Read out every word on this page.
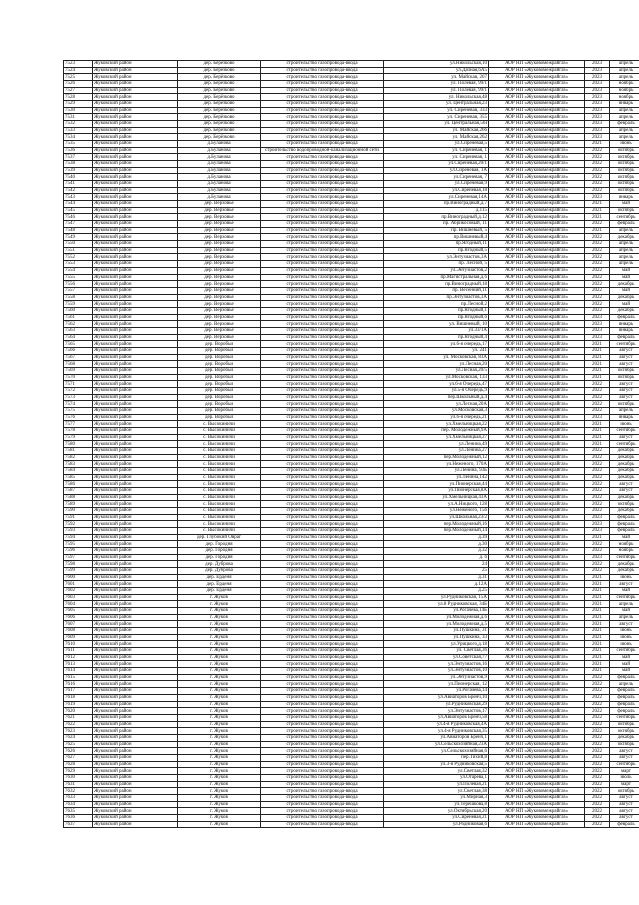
7523	Жуковский район	дер. Берёзково	строительство газопровода-ввода	ул.Никольская,10	АОР НП «Жуковомежрайгаз»	2023	апрель
7524	Жуковский район	дер. Берёзково	строительство газопровода-ввода	ул.Дачная,6А5	АОР НП «Жуковомежрайгаз»	2023	апрель
7525	Жуковский район	дер. Берёзково	строительство газопровода-ввода	ул. Майская, 267	АОР НП «Жуковомежрайгаз»	2023	апрель
7526	Жуковский район	дер. Берёзково	строительство газопровода-ввода	ул. Полевая, 99/1	АОР НП «Жуковомежрайгаз»	2023	ноябрь
7527	Жуковский район	дер. Берёзково	строительство газопровода-ввода	ул. Полевая, 99/1	АОР НП «Жуковомежрайгаз»	2023	ноябрь
7528	Жуковский район	дер. Берёзково	строительство газопровода-ввода	ул. Никольская,48	АОР НП «Жуковомежрайгаз»	2023	ноябрь
7529	Жуковский район	дер. Берёзково	строительство газопровода-ввода	ул. Центральная,23	АОР НП «Жуковомежрайгаз»	2023	январь
7530	Жуковский район	дер. Берёзково	строительство газопровода-ввода	ул. Сиреневая, 333	АОР НП «Жуковомежрайгаз»	2023	апрель
7531	Жуковский район	дер. Берёзково	строительство газопровода-ввода	ул. Сиреневая, 355	АОР НП «Жуковомежрайгаз»	2023	апрель
7532	Жуковский район	дер. Берёзково	строительство газопровода-ввода	ул. Центральная,56І	АОР НП «Жуковомежрайгаз»	2023	февраль
7533	Жуковский район	дер. Берёзково	строительство газопровода-ввода	ул. Майская,266	АОР НП «Жуковомежрайгаз»	2023	апрель
7534	Жуковский район	дер. Берёзково	строительство газопровода-ввода	ул. Майская,262	АОР НП «Жуковомежрайгаз»	2023	апрель
7535	Жуковский район	д.Буланова	строительство газопровода-ввода	ул.Сиреневая,5	АОР НП «Жуковомежрайгаз»	2021	июнь
7536	Жуковский район	д.Буланова	строительство водопроводной-канализационной сети	ул. Сиреневая, 1	АОР НП «Жуковомежрайгаз»	2022	октябрь
7537	Жуковский район	д.Буланова	строительство газопровода-ввода	ул. Сиреневая, 1	АОР НП «Жуковомежрайгаз»	2022	октябрь
7538	Жуковский район	д.Буланова	строительство газопровода-ввода	ул.Сиреневая,20/1	АОР НП «Жуковомежрайгаз»	2022	октябрь
7539	Жуковский район	д.Буланова	строительство газопровода-ввода	ул.Сиреневая, 1А	АОР НП «Жуковомежрайгаз»	2022	октябрь
7540	Жуковский район	д.Буланова	строительство газопровода-ввода	ул.Сиреневая, 7	АОР НП «Жуковомежрайгаз»	2022	октябрь
7541	Жуковский район	д.Буланова	строительство газопровода-ввода	ул.Сиреневая,9	АОР НП «Жуковомежрайгаз»	2022	октябрь
7542	Жуковский район	д.Буланова	строительство газопровода-ввода	ул.Сиреневая,18	АОР НП «Жуковомежрайгаз»	2022	октябрь
7543	Жуковский район	д.Буланова	строительство газопровода-ввода	ул.Сиреневая,14А	АОР НП «Жуковомежрайгаз»	2023	январь
7544	Жуковский район	дер. Верховье	строительство газопровода-ввода	пр.Виноградный,д.7	АОР НП «Жуковомежрайгаз»	2021	май
7545	Жуковский район	дер. Верховье	строительство газопровода-ввода	д.115	АОР НП «Жуковомежрайгаз»	2021	октябрь
7546	Жуковский район	дер. Верховье	строительство газопровода-ввода	пр.Виноградный,д.12	АОР НП «Жуковомежрайгаз»	2021	сентябрь
7547	Жуковский район	дер. Верховье	строительство газопровода-ввода	пр. Абрикосовый, 11	АОР НП «Жуковомежрайгаз»	2022	февраль
7548	Жуковский район	дер. Верховье	строительство газопровода-ввода	пр. Вишневый, 5	АОР НП «Жуковомежрайгаз»	2021	апрель
7549	Жуковский район	дер. Верховье	строительство газопровода-ввода	пр.Вишневый,4	АОР НП «Жуковомежрайгаз»	2022	декабрь
7550	Жуковский район	дер. Верховье	строительство газопровода-ввода	пр.Ягодный,11	АОР НП «Жуковомежрайгаз»	2022	апрель
7551	Жуковский район	дер. Верховье	строительство газопровода-ввода	пр.Ягодный,5	АОР НП «Жуковомежрайгаз»	2022	апрель
7552	Жуковский район	дер. Верховье	строительство газопровода-ввода	ул.Энтузиастов,3А	АОР НП «Жуковомежрайгаз»	2022	апрель
7553	Жуковский район	дер. Верховье	строительство газопровода-ввода	пр. Лесной, 5	АОР НП «Жуковомежрайгаз»	2022	апрель
7554	Жуковский район	дер. Верховье	строительство газопровода-ввода	ул.Энтузиастов,2	АОР НП «Жуковомежрайгаз»	2022	май
7555	Жуковский район	дер. Верховье	строительство газопровода-ввода	пр.Магистральная,д.6	АОР НП «Жуковомежрайгаз»	2022	май
7556	Жуковский район	дер. Верховье	строительство газопровода-ввода	пр.Виноградный,18	АОР НП «Жуковомежрайгаз»	2022	декабрь
7557	Жуковский район	дер. Верховье	строительство газопровода-ввода	пр. Весенний,11	АОР НП «Жуковомежрайгаз»	2022	май
7558	Жуковский район	дер. Верховье	строительство газопровода-ввода	пр.Энтузиастов,3А	АОР НП «Жуковомежрайгаз»	2022	декабрь
7559	Жуковский район	дер. Верховье	строительство газопровода-ввода	пр.Лесной,2	АОР НП «Жуковомежрайгаз»	2022	май
7560	Жуковский район	дер. Верховье	строительство газопровода-ввода	пр.Ягодный,1	АОР НП «Жуковомежрайгаз»	2022	декабрь
7561	Жуковский район	дер. Верховье	строительство газопровода-ввода	пр.Ягодный,6	АОР НП «Жуковомежрайгаз»	2023	февраль
7562	Жуковский район	дер. Верховье	строительство газопровода-ввода	ул. Вишневый, 10	АОР НП «Жуковомежрайгаз»	2023	январь
7563	Жуковский район	дер. Верховье	строительство газопровода-ввода	ул.33/1А	АОР НП «Жуковомежрайгаз»	2023	январь
7564	Жуковский район	дер. Верховье	строительство газопровода-ввода	пр.Ягодный,4	АОР НП «Жуковомежрайгаз»	2023	февраль
7565	Жуковский район	дер. Воробьи	строительство газопровода-ввода	ул.6-я очередь,17	АОР НП «Жуковомежрайгаз»	2021	сентябрь
7566	Жуковский район	дер. Воробьи	строительство газопровода-ввода	ул. 241	АОР НП «Жуковомежрайгаз»	2021	август
7567	Жуковский район	дер. Воробьи	строительство газопровода-ввода	ул. Московская, 83А	АОР НП «Жуковомежрайгаз»	2021	август
7568	Жуковский район	дер. Воробьи	строительство газопровода-ввода	ул.Лесная,20	АОР НП «Жуковомежрайгаз»	2021	август
7569	Жуковский район	дер. Воробьи	строительство газопровода-ввода	ул.Лесная,20/5	АОР НП «Жуковомежрайгаз»	2021	октябрь
7570	Жуковский район	дер. Воробьи	строительство газопровода-ввода	ул.Московская, 133	АОР НП «Жуковомежрайгаз»	2021	октябрь
7571	Жуковский район	дер. Воробьи	строительство газопровода-ввода	ул.6-я Очередь,47	АОР НП «Жуковомежрайгаз»	2022	август
7572	Жуковский район	дер. Воробьи	строительство газопровода-ввода	ул.5-я Очередь,9	АОР НП «Жуковомежрайгаз»	2022	август
7573	Жуковский район	дер. Воробьи	строительство газопровода-ввода	пер.Школьный,д.4	АОР НП «Жуковомежрайгаз»	2022	август
7574	Жуковский район	дер. Воробьи	строительство газопровода-ввода	ул.Лесная,20А	АОР НП «Жуковомежрайгаз»	2022	октябрь
7575	Жуковский район	дер. Воробьи	строительство газопровода-ввода	ул.Московская,3	АОР НП «Жуковомежрайгаз»	2022	апрель
7576	Жуковский район	дер. Воробьи	строительство газопровода-ввода	ул.6-я очередь,21	АОР НП «Жуковомежрайгаз»	2023	январь
7577	Жуковский район	с. Высокиничи	строительство газопровода-ввода	ул.Хмельницкая,22	АОР НП «Жуковомежрайгаз»	2021	июнь
7578	Жуковский район	с. Высокиничи	строительство газопровода-ввода	пер. Молодежный,9А	АОР НП «Жуковомежрайгаз»	2021	сентябрь
7579	Жуковский район	с. Высокиничи	строительство газопровода-ввода	ул.Хмельницкая,27	АОР НП «Жуковомежрайгаз»	2021	август
7580	Жуковский район	с. Высокиничи	строительство газопровода-ввода	ул.Ленина,49	АОР НП «Жуковомежрайгаз»	2021	сентябрь
7581	Жуковский район	с. Высокиничи	строительство газопровода-ввода	ул.Ленина,27	АОР НП «Жуковомежрайгаз»	2022	декабрь
7582	Жуковский район	с. Высокиничи	строительство газопровода-ввода	пер.Молодежный,12	АОР НП «Жуковомежрайгаз»	2022	декабрь
7583	Жуковский район	с. Высокиничи	строительство газопровода-ввода	ул.Неженого, 170А	АОР НП «Жуковомежрайгаз»	2022	декабрь
7584	Жуковский район	с. Высокиничи	строительство газопровода-ввода	ул.Ленина, 93Б	АОР НП «Жуковомежрайгаз»	2022	декабрь
7585	Жуковский район	с. Высокиничи	строительство газопровода-ввода	ул.Ленина,142	АОР НП «Жуковомежрайгаз»	2022	декабрь
7586	Жуковский район	с. Высокиничи	строительство газопровода-ввода	ул.Пионерская,44	АОР НП «Жуковомежрайгаз»	2022	август
7587	Жуковский район	с. Высокиничи	строительство газопровода-ввода	ул.Пионерская,8А	АОР НП «Жуковомежрайгаз»	2022	август
7588	Жуковский район	с. Высокиничи	строительство газопровода-ввода	ул.Хмельницкая,43А	АОР НП «Жуковомежрайгаз»	2022	декабрь
7589	Жуковский район	с. Высокиничи	строительство газопровода-ввода	ул.А.Ницкого, 128	АОР НП «Жуковомежрайгаз»	2022	октябрь
7590	Жуковский район	с. Высокиничи	строительство газопровода-ввода	ул.Неженого, 156	АОР НП «Жуковомежрайгаз»	2022	декабрь
7591	Жуковский район	с. Высокиничи	строительство газопровода-ввода	ул.Школьная,23/2	АОР НП «Жуковомежрайгаз»	2023	февраль
7592	Жуковский район	с. Высокиничи	строительство газопровода-ввода	пер.Молодежный,16	АОР НП «Жуковомежрайгаз»	2023	февраль
7593	Жуковский район	с. Высокиничи	строительство газопровода-ввода	пер.Молодежный,14	АОР НП «Жуковомежрайгаз»	2023	февраль
7594	Жуковский район	дер. Глубокий Овраг	строительство газопровода-ввода	д.39	АОР НП «Жуковомежрайгаз»	2021	май
7595	Жуковский район	дер. Городня	строительство газопровода-ввода	д.30	АОР НП «Жуковомежрайгаз»	2022	ноябрь
7596	Жуковский район	дер. Городня	строительство газопровода-ввода	д.32	АОР НП «Жуковомежрайгаз»	2022	ноябрь
7597	Жуковский район	дер. Городня	строительство газопровода-ввода	д. 6	АОР НП «Жуковомежрайгаз»	2023	сентябрь
7598	Жуковский район	дер. Дуброва	строительство газопровода-ввода	24	АОР НП «Жуковомежрайгаз»	2022	декабрь
7599	Жуковский район	дер. Дуброва	строительство газопровода-ввода	25	АОР НП «Жуковомежрайгаз»	2022	декабрь
7600	Жуковский район	дер. Ерденя	строительство газопровода-ввода	д.31	АОР НП «Жуковомежрайгаз»	2021	июнь
7601	Жуковский район	дер. Ерденя	строительство газопровода-ввода	д.12А	АОР НП «Жуковомежрайгаз»	2021	август
7602	Жуковский район	дер. Ерденя	строительство газопровода-ввода	д.25	АОР НП «Жуковомежрайгаз»	2021	май
7603	Жуковский район	г. Жуков	строительство газопровода-ввода	ул.Рудниковская, 15А	АОР НП «Жуковомежрайгаз»	2021	сентябрь
7604	Жуковский район	г. Жуков	строительство газопровода-ввода	ул.8 Рудниковская, 34Б	АОР НП «Жуковомежрайгаз»	2021	апрель
7605	Жуковский район	г. Жуков	строительство газопровода-ввода	ул.Рогачева,14Б	АОР НП «Жуковомежрайгаз»	2021	май
7606	Жуковский район	г. Жуков	строительство газопровода-ввода	ул.Молодежная,д.6	АОР НП «Жуковомежрайгаз»	2021	апрель
7607	Жуковский район	г. Жуков	строительство газопровода-ввода	ул.Молодежная,д.5	АОР НП «Жуковомежрайгаз»	2021	август
7608	Жуковский район	г. Жуков	строительство газопровода-ввода	ул.Пушкина, 31	АОР НП «Жуковомежрайгаз»	2021	июнь
7609	Жуковский район	г. Жуков	строительство газопровода-ввода	ул.Пушкина, 33	АОР НП «Жуковомежрайгаз»	2021	июнь
7610	Жуковский район	г. Жуков	строительство газопровода-ввода	ул.Урицкого,д.18	АОР НП «Жуковомежрайгаз»	2021	июнь
7611	Жуковский район	г. Жуков	строительство газопровода-ввода	ул. Светлая,36	АОР НП «Жуковомежрайгаз»	2021	сентябрь
7612	Жуковский район	г. Жуков	строительство газопровода-ввода	ул.Советская,77	АОР НП «Жуковомежрайгаз»	2021	май
7613	Жуковский район	г. Жуков	строительство газопровода-ввода	ул.Энтузиастов,16	АОР НП «Жуковомежрайгаз»	2021	май
7614	Жуковский район	г. Жуков	строительство газопровода-ввода	ул.Энтузиастов,10	АОР НП «Жуковомежрайгаз»	2021	май
7615	Жуковский район	г. Жуков	строительство газопровода-ввода	ул.Энтузиастов,9	АОР НП «Жуковомежрайгаз»	2022	февраль
7616	Жуковский район	г. Жуков	строительство газопровода-ввода	ул.Пионерская, 12	АОР НП «Жуковомежрайгаз»	2022	апрель
7617	Жуковский район	г. Жуков	строительство газопровода-ввода	ул.Рогачева,14	АОР НП «Жуковомежрайгаз»	2022	февраль
7618	Жуковский район	г. Жуков	строительство газопровода-ввода	ул.Авиаторов Бренч,10	АОР НП «Жуковомежрайгаз»	2022	февраль
7619	Жуковский район	г. Жуков	строительство газопровода-ввода	ул.Рудниковская,29	АОР НП «Жуковомежрайгаз»	2022	февраль
7620	Жуковский район	г. Жуков	строительство газопровода-ввода	ул.Энтузиастов,17	АОР НП «Жуковомежрайгаз»	2022	февраль
7621	Жуковский район	г. Жуков	строительство газопровода-ввода	ул.Авиаторов Бренч,58	АОР НП «Жуковомежрайгаз»	2022	сентябрь
7622	Жуковский район	г. Жуков	строительство газопровода-ввода	ул.4-я Рудниковская,4А	АОР НП «Жуковомежрайгаз»	2022	октябрь
7623	Жуковский район	г. Жуков	строительство газопровода-ввода	ул.4-я Рудниковская,35	АОР НП «Жуковомежрайгаз»	2022	октябрь
7624	Жуковский район	г. Жуков	строительство газопровода-ввода	ул.Авиаторов Бренч,1	АОР НП «Жуковомежрайгаз»	2022	декабрь
7625	Жуковский район	г. Жуков	строительство газопровода-ввода	ул.Сельскохозяйная,23А	АОР НП «Жуковомежрайгаз»	2022	октябрь
7626	Жуковский район	г. Жуков	строительство газопровода-ввода	ул.Сельскохозяйная,6	АОР НП «Жуковомежрайгаз»	2022	август
7627	Жуковский район	г. Жуков	строительство газопровода-ввода	пер.Тихий,8	АОР НП «Жуковомежрайгаз»	2022	август
7628	Жуковский район	г. Жуков	строительство газопровода-ввода	ул.3-я Рудниковская,5	АОР НП «Жуковомежрайгаз»	2022	сентябрь
7629	Жуковский район	г. Жуков	строительство газопровода-ввода	ул.Светлая,32	АОР НП «Жуковомежрайгаз»	2022	март
7630	Жуковский район	г. Жуков	строительство газопровода-ввода	ул.Огарева,1	АОР НП «Жуковомежрайгаз»	2022	июль
7631	Жуковский район	г. Жуков	строительство газопровода-ввода	ул.Полевая,21	АОР НП «Жуковомежрайгаз»	2022	март
7632	Жуковский район	г. Жуков	строительство газопровода-ввода	ул.Светлая,38	АОР НП «Жуковомежрайгаз»	2022	октябрь
7633	Жуковский район	г. Жуков	строительство газопровода-ввода	ул.Мирная,3	АОР НП «Жуковомежрайгаз»	2022	август
7634	Жуковский район	г. Жуков	строительство газопровода-ввода	ул.Терешкова,8	АОР НП «Жуковомежрайгаз»	2022	август
7635	Жуковский район	г. Жуков	строительство газопровода-ввода	ул.Октябрьская,20	АОР НП «Жуковомежрайгаз»	2022	август
7636	Жуковский район	г. Жуков	строительство газопровода-ввода	ул.Сиреневая,21	АОР НП «Жуковомежрайгаз»	2022	август
7637	Жуковский район	г. Жуков	строительство газопровода-ввода	ул.Родниковая,6	АОР НП «Жуковомежрайгаз»	2022	февраль
